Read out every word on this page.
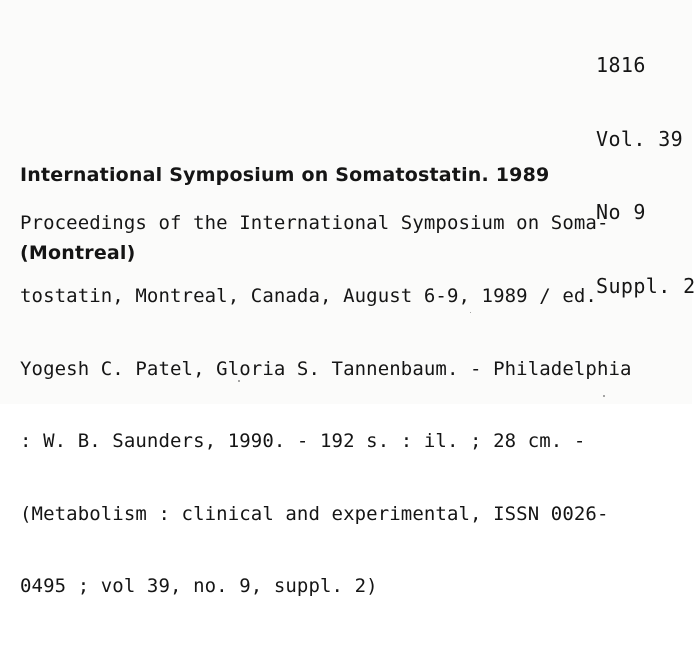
1816

Vol. 39

No 9

Suppl. 2

International Symposium on Somatostatin. 1989

(Montreal)

Proceedings of the International Symposium on Soma-

tostatin, Montreal, Canada, August 6-9, 1989 / ed.

Yogesh C. Patel, Gloria S. Tannenbaum. - Philadelphia

: W. B. Saunders, 1990. - 192 s. : il. ; 28 cm. -

(Metabolism : clinical and experimental, ISSN 0026-

0495 ; vol 39, no. 9, suppl. 2)
